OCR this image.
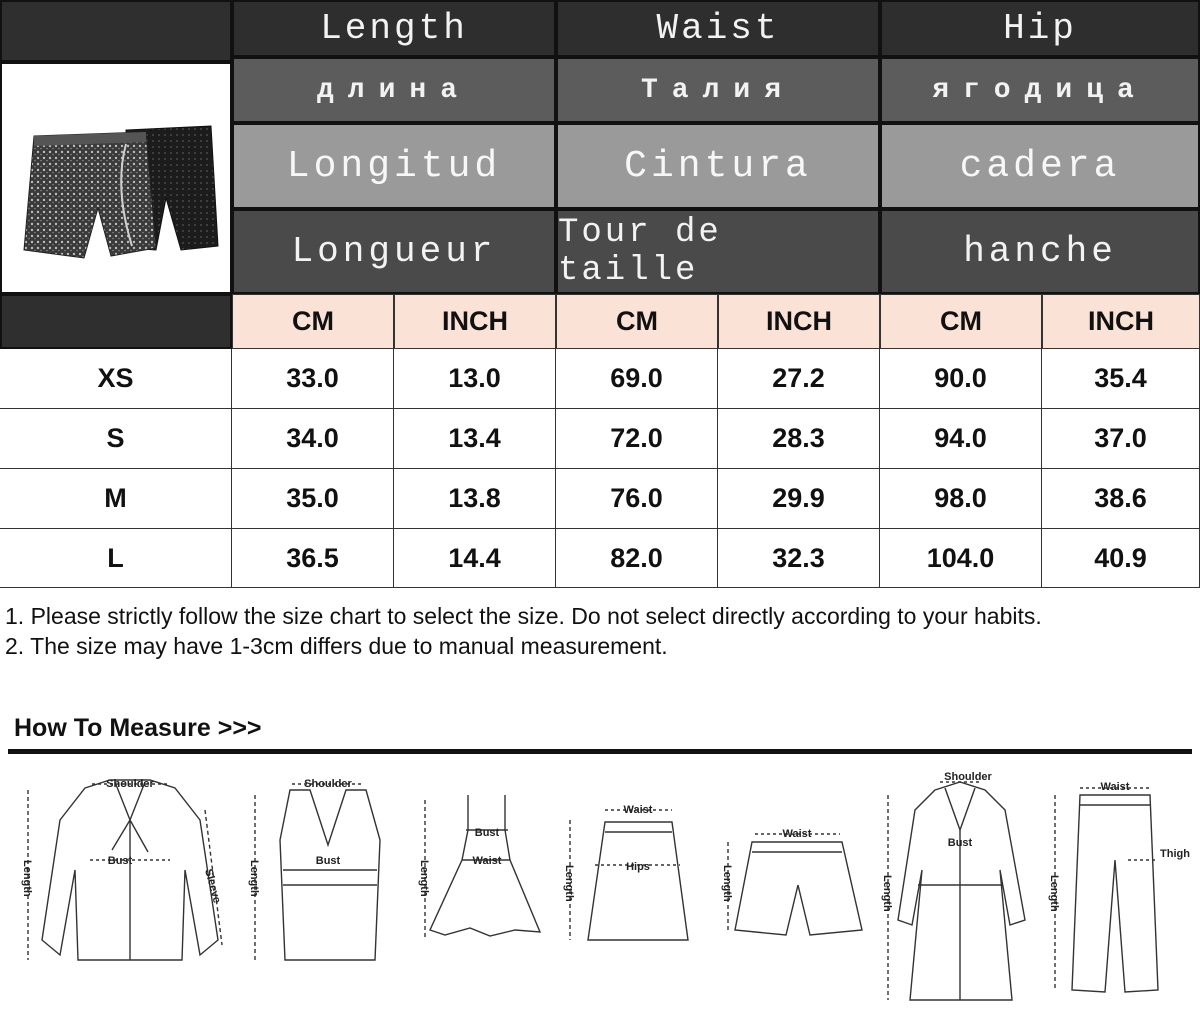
Length	Waist	Hip
длина	Талия	ягодица
Longitud	Cintura	cadera
Longueur	Tour de taille	hanche
CM	INCH	CM	INCH	CM	INCH
XS	33.0	13.0	69.0	27.2	90.0	35.4
S	34.0	13.4	72.0	28.3	94.0	37.0
M	35.0	13.8	76.0	29.9	98.0	38.6
L	36.5	14.4	82.0	32.3	104.0	40.9

1. Please strictly follow the size chart to select the size. Do not select directly according to your habits.

2. The size may have 1-3cm differs due to manual measurement.

How To Measure >>>
Shoulder
Bust
Sleeve
Length
Shoulder
Bust
Length
Bust
Waist
Length
Waist
Hips
Length
Waist
Length
Shoulder
Bust
Length
Waist
Thigh
Length
